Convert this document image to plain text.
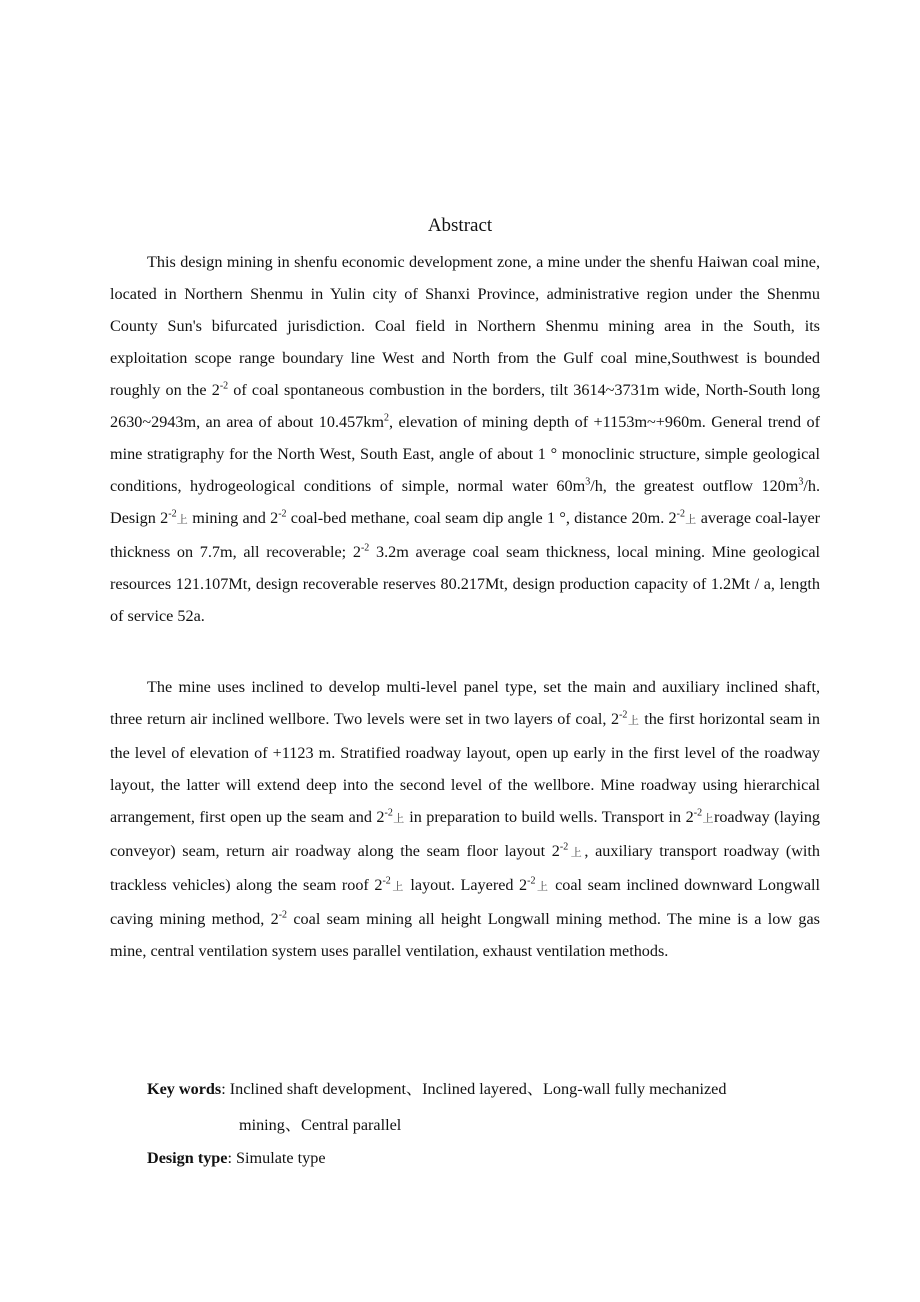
Abstract

This design mining in shenfu economic development zone, a mine under the shenfu Haiwan coal mine, located in Northern Shenmu in Yulin city of Shanxi Province, administrative region under the Shenmu County Sun's bifurcated jurisdiction. Coal field in Northern Shenmu mining area in the South, its exploitation scope range boundary line West and North from the Gulf coal mine,Southwest is bounded roughly on the $2^{-2}$ of coal spontaneous combustion in the borders, tilt 3614~3731m wide, North-South long 2630~2943m, an area of about $10.457km^2$, elevation of mining depth of +1153m~+960m. General trend of mine stratigraphy for the North West, South East, angle of about 1 ° monoclinic structure, simple geological conditions, hydrogeological conditions of simple, normal water $60m^3/h$, the greatest outflow $120m^3/h$. Design $2^{-2}$上 mining and $2^{-2}$ coal-bed methane, coal seam dip angle 1 °, distance 20m. $2^{-2}$上 average coal-layer thickness on 7.7m, all recoverable; $2^{-2}$ 3.2m average coal seam thickness, local mining. Mine geological resources 121.107Mt, design recoverable reserves 80.217Mt, design production capacity of 1.2Mt / a, length of service 52a.

The mine uses inclined to develop multi-level panel type, set the main and auxiliary inclined shaft, three return air inclined wellbore. Two levels were set in two layers of coal, $2^{-2}$上 the first horizontal seam in the level of elevation of +1123 m. Stratified roadway layout, open up early in the first level of the roadway layout, the latter will extend deep into the second level of the wellbore. Mine roadway using hierarchical arrangement, first open up the seam and $2^{-2}$上 in preparation to build wells. Transport in $2^{-2}$上roadway (laying conveyor) seam, return air roadway along the seam floor layout $2^{-2}$上, auxiliary transport roadway (with trackless vehicles) along the seam roof $2^{-2}$上 layout. Layered $2^{-2}$上 coal seam inclined downward Longwall caving mining method, $2^{-2}$ coal seam mining all height Longwall mining method. The mine is a low gas mine, central ventilation system uses parallel ventilation, exhaust ventilation methods.

Key words: Inclined shaft development、Inclined layered、Long-wall fully mechanized
mining、Central parallel
Design type: Simulate type
